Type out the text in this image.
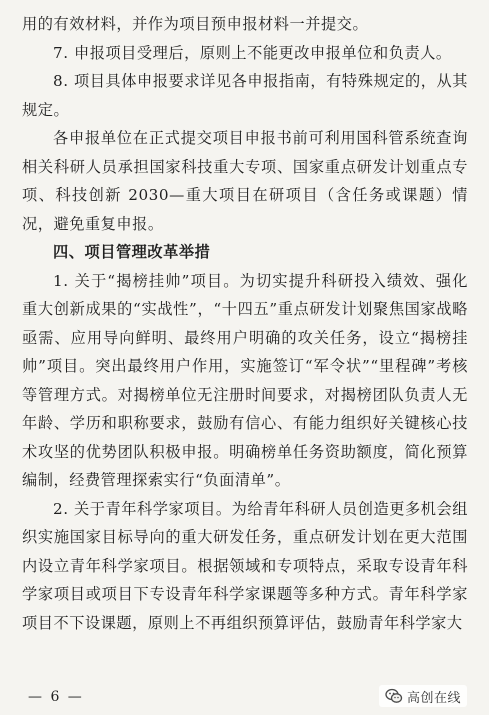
用的有效材料，并作为项目预申报材料一并提交。

7. 申报项目受理后，原则上不能更改申报单位和负责人。

8. 项目具体申报要求详见各申报指南，有特殊规定的，从其规定。

各申报单位在正式提交项目申报书前可利用国科管系统查询相关科研人员承担国家科技重大专项、国家重点研发计划重点专项、科技创新 2030—重大项目在研项目（含任务或课题）情况，避免重复申报。

四、项目管理改革举措

1. 关于“揭榜挂帅”项目。为切实提升科研投入绩效、强化重大创新成果的“实战性”，“十四五”重点研发计划聚焦国家战略亟需、应用导向鲜明、最终用户明确的攻关任务，设立“揭榜挂帅”项目。突出最终用户作用，实施签订“军令状”“里程碑”考核等管理方式。对揭榜单位无注册时间要求，对揭榜团队负责人无年龄、学历和职称要求，鼓励有信心、有能力组织好关键核心技术攻坚的优势团队积极申报。明确榜单任务资助额度，简化预算编制，经费管理探索实行“负面清单”。

2. 关于青年科学家项目。为给青年科研人员创造更多机会组织实施国家目标导向的重大研发任务，重点研发计划在更大范围内设立青年科学家项目。根据领域和专项特点，采取专设青年科学家项目或项目下专设青年科学家课题等多种方式。青年科学家项目不下设课题，原则上不再组织预算评估，鼓励青年科学家大

— 6 —	高创在线
